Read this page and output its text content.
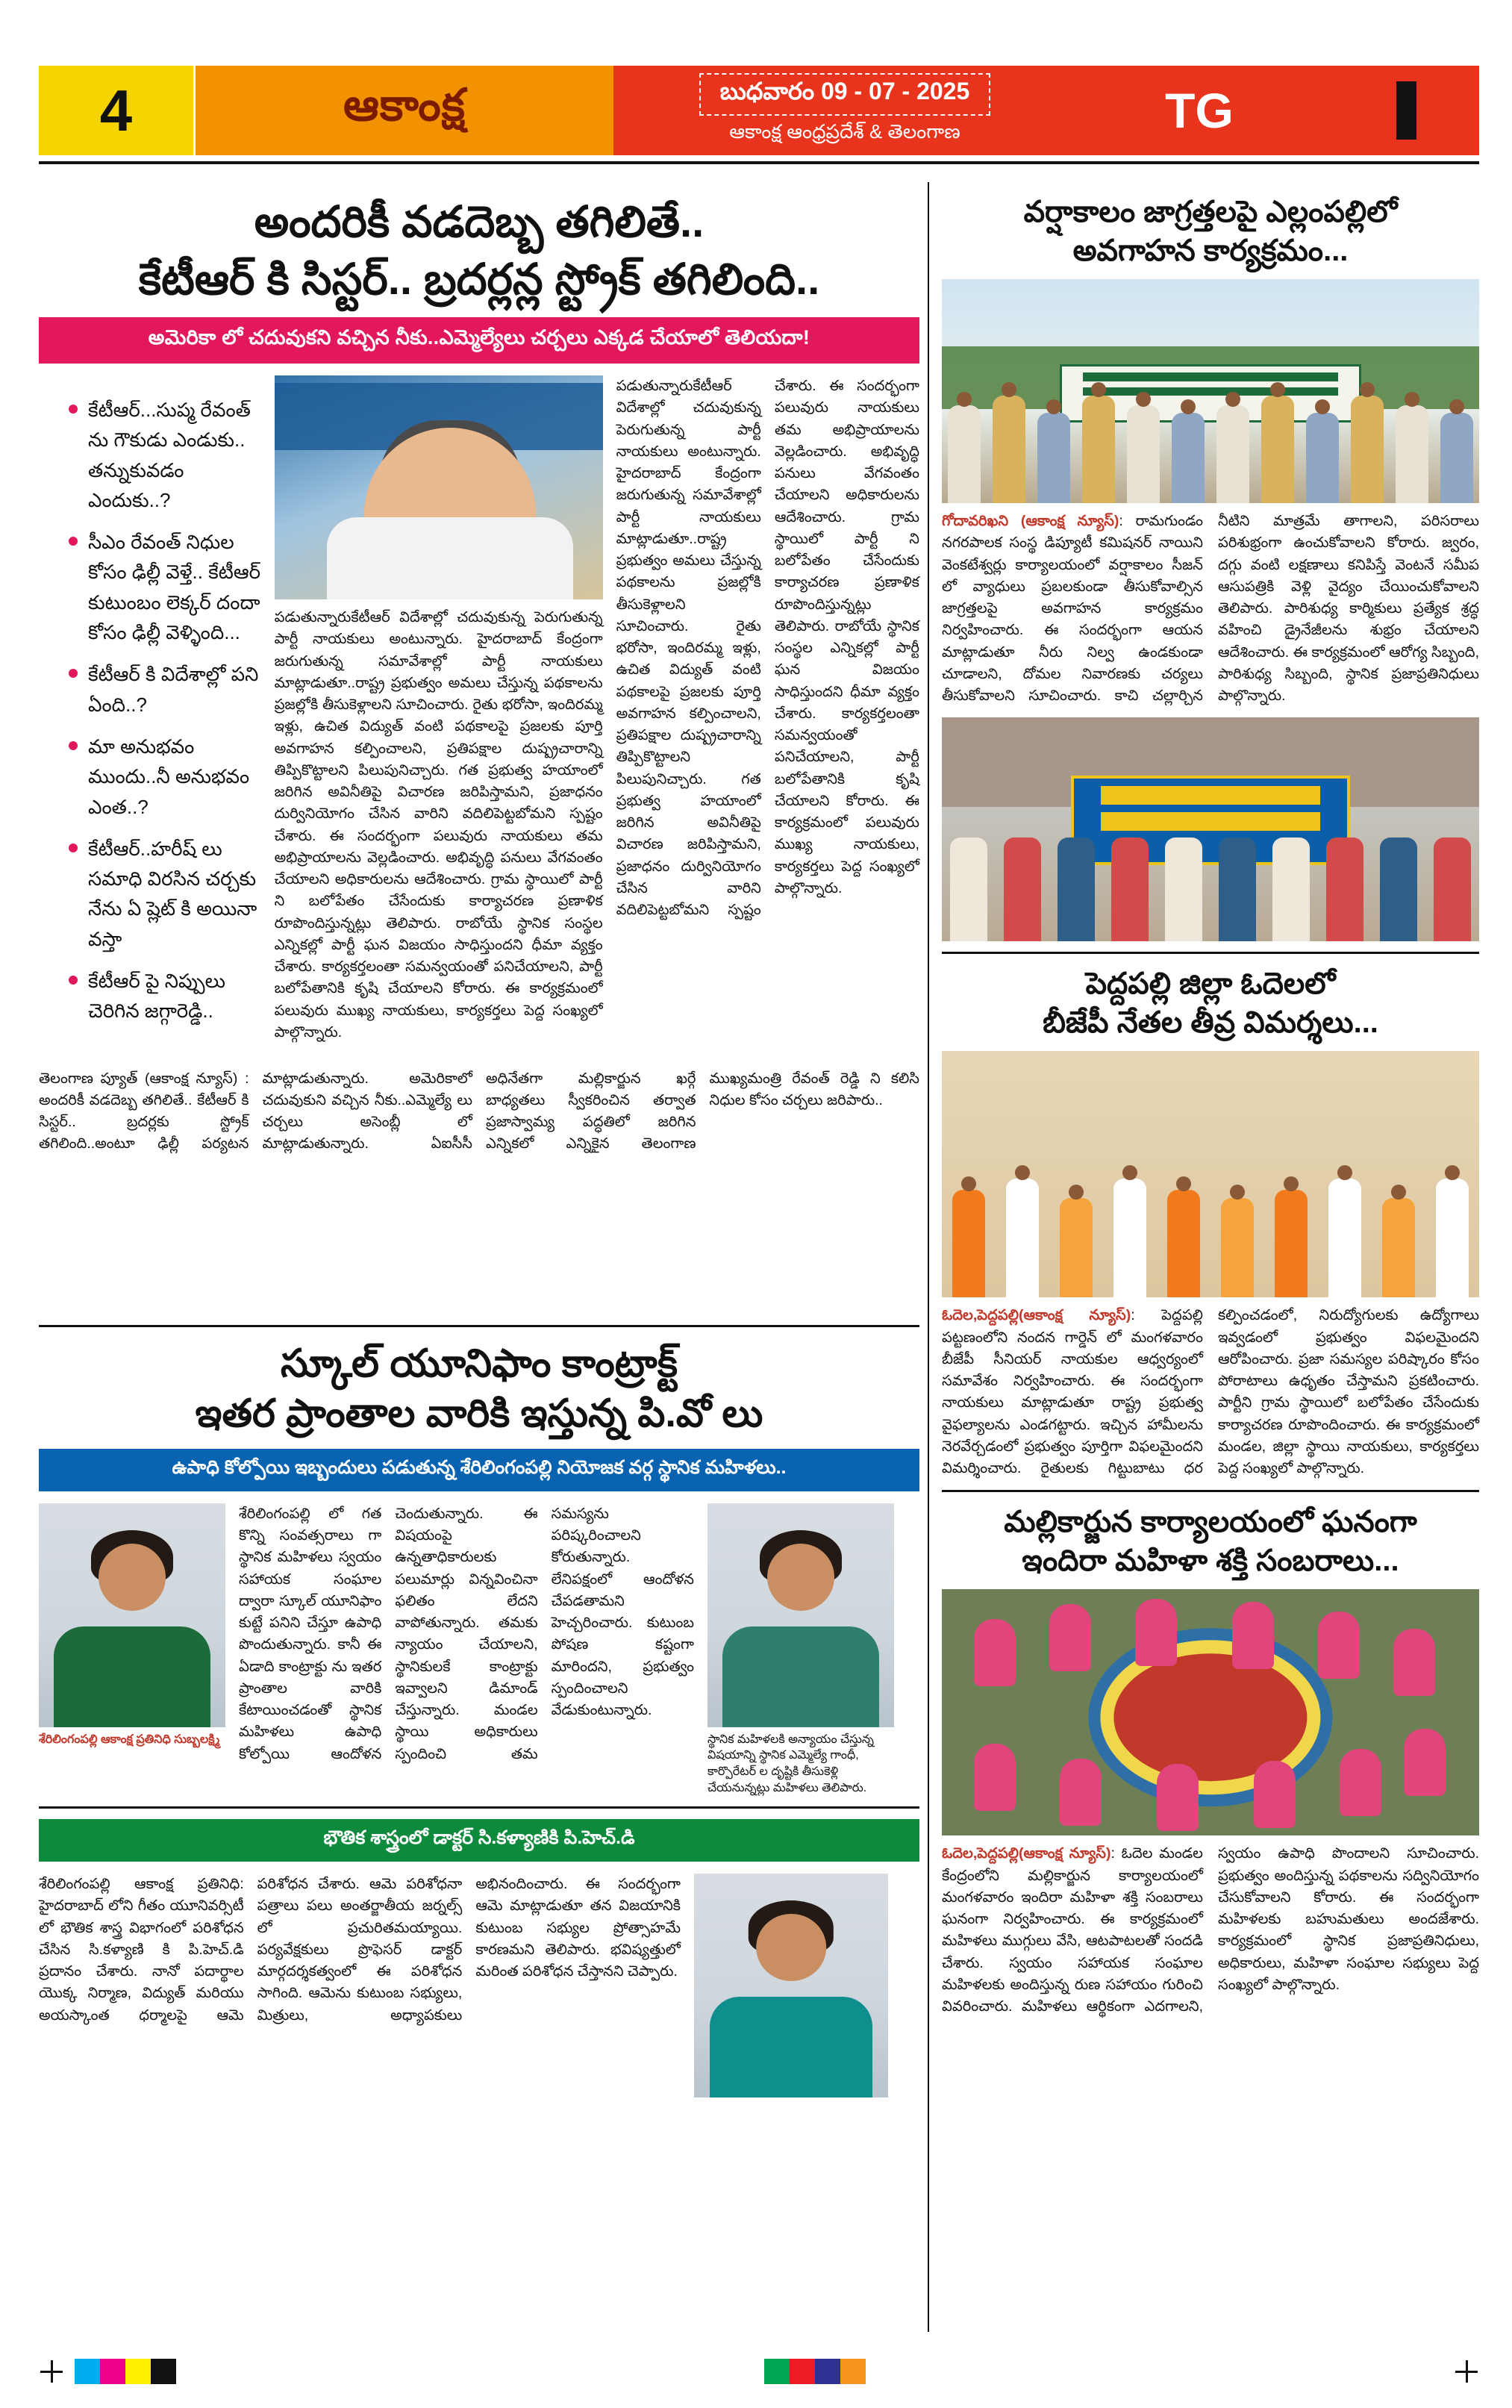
4	ఆకాంక్ష	బుధవారం 09 - 07 - 2025
ఆకాంక్ష ఆంధ్రప్రదేశ్ & తెలంగాణ	TG
అందరికీ వడదెబ్బ తగిలితే..
కేటీఆర్ కి సిస్టర్.. బ్రదర్లన్ల స్ట్రోక్ తగిలింది..
అమెరికా లో చదువుకని వచ్చిన నీకు..ఎమ్మెల్యేలు చర్చలు ఎక్కడ చేయాలో తెలియదా!
కేటీఆర్...సుప్మ రేవంత్ ను గౌకుడు ఎండుకు.. తన్నుకువడం ఎందుకు..?
సీఎం రేవంత్ నిధుల కోసం ఢిల్లీ వెళ్తే.. కేటీఆర్ కుటుంబం లెక్కర్ దందా కోసం ఢిల్లీ వెళ్ళింది...
కేటీఆర్ కి విదేశాల్లో పని ఏంది..?
మా అనుభవం ముందు..నీ అనుభవం ఎంత..?
కేటీఆర్..హరీష్ లు సమాధి విరసిన చర్చకు నేను ఏ ష్లెట్ కి అయినా వస్తా
కేటీఆర్ పై నిప్పులు చెరిగిన జగ్గారెడ్డి..
పడుతున్నారుకేటీఆర్ విదేశాల్లో చదువుకున్న పెరుగుతున్న పార్టీ నాయకులు అంటున్నారు. హైదరాబాద్ కేంద్రంగా జరుగుతున్న సమావేశాల్లో పార్టీ నాయకులు మాట్లాడుతూ..రాష్ట్ర ప్రభుత్వం అమలు చేస్తున్న పథకాలను ప్రజల్లోకి తీసుకెళ్లాలని సూచించారు. రైతు భరోసా, ఇందిరమ్మ ఇళ్లు, ఉచిత విద్యుత్ వంటి పథకాలపై ప్రజలకు పూర్తి అవగాహన కల్పించాలని, ప్రతిపక్షాల దుష్ప్రచారాన్ని తిప్పికొట్టాలని పిలుపునిచ్చారు. గత ప్రభుత్వ హయాంలో జరిగిన అవినీతిపై విచారణ జరిపిస్తామని, ప్రజాధనం దుర్వినియోగం చేసిన వారిని వదిలిపెట్టబోమని స్పష్టం చేశారు. ఈ సందర్భంగా పలువురు నాయకులు తమ అభిప్రాయాలను వెల్లడించారు. అభివృద్ధి పనులు వేగవంతం చేయాలని అధికారులను ఆదేశించారు. గ్రామ స్థాయిలో పార్టీ ని బలోపేతం చేసేందుకు కార్యాచరణ ప్రణాళిక రూపొందిస్తున్నట్లు తెలిపారు. రాబోయే స్థానిక సంస్థల ఎన్నికల్లో పార్టీ ఘన విజయం సాధిస్తుందని ధీమా వ్యక్తం చేశారు. కార్యకర్తలంతా సమన్వయంతో పనిచేయాలని, పార్టీ బలోపేతానికి కృషి చేయాలని కోరారు. ఈ కార్యక్రమంలో పలువురు ముఖ్య నాయకులు, కార్యకర్తలు పెద్ద సంఖ్యలో పాల్గొన్నారు.
పడుతున్నారుకేటీఆర్ విదేశాల్లో చదువుకున్న పెరుగుతున్న పార్టీ నాయకులు అంటున్నారు. హైదరాబాద్ కేంద్రంగా జరుగుతున్న సమావేశాల్లో పార్టీ నాయకులు మాట్లాడుతూ..రాష్ట్ర ప్రభుత్వం అమలు చేస్తున్న పథకాలను ప్రజల్లోకి తీసుకెళ్లాలని సూచించారు. రైతు భరోసా, ఇందిరమ్మ ఇళ్లు, ఉచిత విద్యుత్ వంటి పథకాలపై ప్రజలకు పూర్తి అవగాహన కల్పించాలని, ప్రతిపక్షాల దుష్ప్రచారాన్ని తిప్పికొట్టాలని పిలుపునిచ్చారు. గత ప్రభుత్వ హయాంలో జరిగిన అవినీతిపై విచారణ జరిపిస్తామని, ప్రజాధనం దుర్వినియోగం చేసిన వారిని వదిలిపెట్టబోమని స్పష్టం చేశారు. ఈ సందర్భంగా పలువురు నాయకులు తమ అభిప్రాయాలను వెల్లడించారు. అభివృద్ధి పనులు వేగవంతం చేయాలని అధికారులను ఆదేశించారు. గ్రామ స్థాయిలో పార్టీ ని బలోపేతం చేసేందుకు కార్యాచరణ ప్రణాళిక రూపొందిస్తున్నట్లు తెలిపారు. రాబోయే స్థానిక సంస్థల ఎన్నికల్లో పార్టీ ఘన విజయం సాధిస్తుందని ధీమా వ్యక్తం చేశారు. కార్యకర్తలంతా సమన్వయంతో పనిచేయాలని, పార్టీ బలోపేతానికి కృషి చేయాలని కోరారు. ఈ కార్యక్రమంలో పలువురు ముఖ్య నాయకులు, కార్యకర్తలు పెద్ద సంఖ్యలో పాల్గొన్నారు.
తెలంగాణ ప్యూత్ (ఆకాంక్ష న్యూస్) : అందరికీ వడదెబ్బ తగిలితే.. కేటీఆర్ కి సిస్టర్.. బ్రదర్లకు స్ట్రోక్ తగిలింది..అంటూ ఢిల్లీ పర్యటన మాట్లాడుతున్నారు. అమెరికాలో చదువుకుని వచ్చిన నీకు..ఎమ్మెల్యే లు చర్చలు అసెంబ్లీ లో మాట్లాడుతున్నారు. ఏఐసీసీ అధినేతగా మల్లికార్జున ఖర్గే బాధ్యతలు స్వీకరించిన తర్వాత ప్రజాస్వామ్య పద్ధతిలో జరిగిన ఎన్నికలో ఎన్నికైన తెలంగాణ ముఖ్యమంత్రి రేవంత్ రెడ్డి ని కలిసి నిధుల కోసం చర్చలు జరిపారు..
స్కూల్ యూనిఫాం కాంట్రాక్ట్
ఇతర ప్రాంతాల వారికి ఇస్తున్న పి.వో లు
ఉపాధి కోల్పోయి ఇబ్బందులు పడుతున్న శేరిలింగంపల్లి నియోజక వర్గ స్థానిక మహిళలు..
శేరిలింగంపల్లి ఆకాంక్ష ప్రతినిధి సుబ్బలక్ష్మి
శేరిలింగంపల్లి లో గత కొన్ని సంవత్సరాలు గా స్థానిక మహిళలు స్వయం సహాయక సంఘాల ద్వారా స్కూల్ యూనిఫాం కుట్టే పనిని చేస్తూ ఉపాధి పొందుతున్నారు. కానీ ఈ ఏడాది కాంట్రాక్టు ను ఇతర ప్రాంతాల వారికి కేటాయించడంతో స్థానిక మహిళలు ఉపాధి కోల్పోయి ఆందోళన చెందుతున్నారు. ఈ విషయంపై ఉన్నతాధికారులకు పలుమార్లు విన్నవించినా ఫలితం లేదని వాపోతున్నారు. తమకు న్యాయం చేయాలని, స్థానికులకే కాంట్రాక్టు ఇవ్వాలని డిమాండ్ చేస్తున్నారు. మండల స్థాయి అధికారులు స్పందించి తమ సమస్యను పరిష్కరించాలని కోరుతున్నారు. లేనిపక్షంలో ఆందోళన చేపడతామని హెచ్చరించారు. కుటుంబ పోషణ కష్టంగా మారిందని, ప్రభుత్వం స్పందించాలని వేడుకుంటున్నారు.
స్థానిక మహిళలకి అన్యాయం చేస్తున్న విషయాన్ని స్థానిక ఎమ్మెల్యే గాంధీ, కార్పొరేటర్ ల దృష్టికి తీసుకెళ్లి చేయనున్నట్లు మహిళలు తెలిపారు.
భౌతిక శాస్త్రంలో డాక్టర్ సి.కళ్యాణికి పి.హెచ్.డి
శేరిలింగంపల్లి ఆకాంక్ష ప్రతినిధి: హైదరాబాద్ లోని గీతం యూనివర్సిటీ లో భౌతిక శాస్త్ర విభాగంలో పరిశోధన చేసిన సి.కళ్యాణి కి పి.హెచ్.డి ప్రదానం చేశారు. నానో పదార్థాల యొక్క నిర్మాణ, విద్యుత్ మరియు అయస్కాంత ధర్మాలపై ఆమె పరిశోధన చేశారు. ఆమె పరిశోధనా పత్రాలు పలు అంతర్జాతీయ జర్నల్స్ లో ప్రచురితమయ్యాయి. పర్యవేక్షకులు ప్రొఫెసర్ డాక్టర్ మార్గదర్శకత్వంలో ఈ పరిశోధన సాగింది. ఆమెను కుటుంబ సభ్యులు, మిత్రులు, అధ్యాపకులు అభినందించారు. ఈ సందర్భంగా ఆమె మాట్లాడుతూ తన విజయానికి కుటుంబ సభ్యుల ప్రోత్సాహమే కారణమని తెలిపారు. భవిష్యత్తులో మరింత పరిశోధన చేస్తానని చెప్పారు.
వర్షాకాలం జాగ్రత్తలపై ఎల్లంపల్లిలో
అవగాహన కార్యక్రమం...
గోదావరిఖని (ఆకాంక్ష న్యూస్): రామగుండం నగరపాలక సంస్థ డిప్యూటీ కమిషనర్ నాయిని వెంకటేశ్వర్లు కార్యాలయంలో వర్షాకాలం సీజన్ లో వ్యాధులు ప్రబలకుండా తీసుకోవాల్సిన జాగ్రత్తలపై అవగాహన కార్యక్రమం నిర్వహించారు. ఈ సందర్భంగా ఆయన మాట్లాడుతూ నీరు నిల్వ ఉండకుండా చూడాలని, దోమల నివారణకు చర్యలు తీసుకోవాలని సూచించారు. కాచి చల్లార్చిన నీటిని మాత్రమే తాగాలని, పరిసరాలు పరిశుభ్రంగా ఉంచుకోవాలని కోరారు. జ్వరం, దగ్గు వంటి లక్షణాలు కనిపిస్తే వెంటనే సమీప ఆసుపత్రికి వెళ్లి వైద్యం చేయించుకోవాలని తెలిపారు. పారిశుధ్య కార్మికులు ప్రత్యేక శ్రద్ధ వహించి డ్రైనేజీలను శుభ్రం చేయాలని ఆదేశించారు. ఈ కార్యక్రమంలో ఆరోగ్య సిబ్బంది, పారిశుధ్య సిబ్బంది, స్థానిక ప్రజాప్రతినిధులు పాల్గొన్నారు.
పెద్దపల్లి జిల్లా ఓదెలలో
బీజేపీ నేతల తీవ్ర విమర్శలు...
ఓదెల,పెద్దపల్లి(ఆకాంక్ష న్యూస్): పెద్దపల్లి పట్టణంలోని నందన గార్డెన్ లో మంగళవారం బీజేపీ సీనియర్ నాయకుల ఆధ్వర్యంలో సమావేశం నిర్వహించారు. ఈ సందర్భంగా నాయకులు మాట్లాడుతూ రాష్ట్ర ప్రభుత్వ వైఫల్యాలను ఎండగట్టారు. ఇచ్చిన హామీలను నెరవేర్చడంలో ప్రభుత్వం పూర్తిగా విఫలమైందని విమర్శించారు. రైతులకు గిట్టుబాటు ధర కల్పించడంలో, నిరుద్యోగులకు ఉద్యోగాలు ఇవ్వడంలో ప్రభుత్వం విఫలమైందని ఆరోపించారు. ప్రజా సమస్యల పరిష్కారం కోసం పోరాటాలు ఉధృతం చేస్తామని ప్రకటించారు. పార్టీని గ్రామ స్థాయిలో బలోపేతం చేసేందుకు కార్యాచరణ రూపొందించారు. ఈ కార్యక్రమంలో మండల, జిల్లా స్థాయి నాయకులు, కార్యకర్తలు పెద్ద సంఖ్యలో పాల్గొన్నారు.
మల్లికార్జున కార్యాలయంలో ఘనంగా
ఇందిరా మహిళా శక్తి సంబరాలు...
ఓదెల,పెద్దపల్లి(ఆకాంక్ష న్యూస్): ఓదెల మండల కేంద్రంలోని మల్లికార్జున కార్యాలయంలో మంగళవారం ఇందిరా మహిళా శక్తి సంబరాలు ఘనంగా నిర్వహించారు. ఈ కార్యక్రమంలో మహిళలు ముగ్గులు వేసి, ఆటపాటలతో సందడి చేశారు. స్వయం సహాయక సంఘాల మహిళలకు అందిస్తున్న రుణ సహాయం గురించి వివరించారు. మహిళలు ఆర్థికంగా ఎదగాలని, స్వయం ఉపాధి పొందాలని సూచించారు. ప్రభుత్వం అందిస్తున్న పథకాలను సద్వినియోగం చేసుకోవాలని కోరారు. ఈ సందర్భంగా మహిళలకు బహుమతులు అందజేశారు. కార్యక్రమంలో స్థానిక ప్రజాప్రతినిధులు, అధికారులు, మహిళా సంఘాల సభ్యులు పెద్ద సంఖ్యలో పాల్గొన్నారు.
